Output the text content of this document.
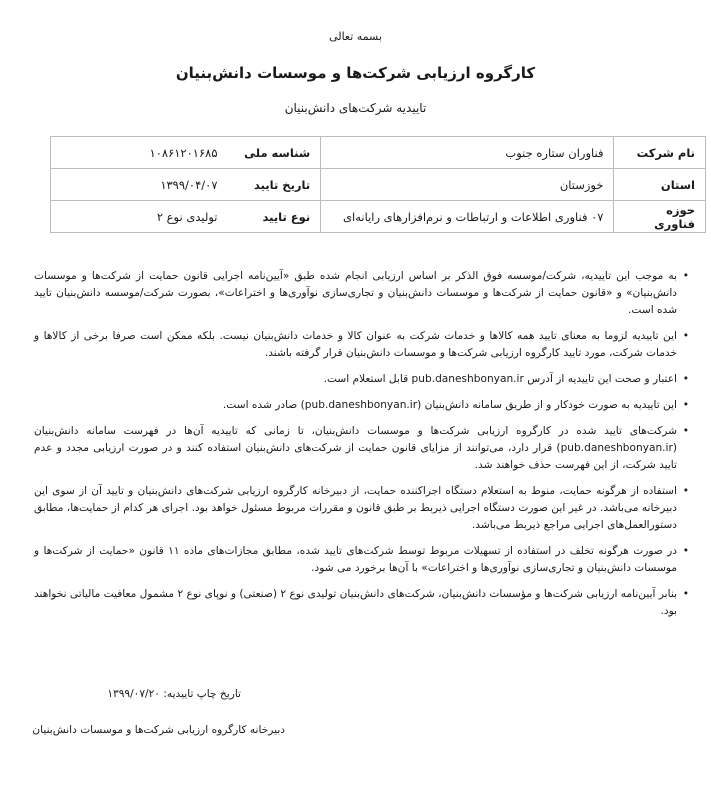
بسمه تعالی
کارگروه ارزیابی شرکت‌ها و موسسات دانش‌بنیان
تاییدیه شرکت‌های دانش‌بنیان
نام شرکت	فناوران ستاره جنوب	شناسه ملی	۱۰۸۶۱۲۰۱۶۸۵
استان	خوزستان	تاریخ تایید	۱۳۹۹/۰۴/۰۷
حوزه فناوری	۰۷ فناوری اطلاعات و ارتباطات و نرم‌افزارهای رایانه‌ای	نوع تایید	تولیدی نوع ۲
•
به موجب این تاییدیه، شرکت/موسسه فوق الذکر بر اساس ارزیابی انجام شده طبق «آیین‌نامه اجرایی قانون حمایت از شرکت‌ها و موسسات دانش‌بنیان» و «قانون حمایت از شرکت‌ها و موسسات دانش‌بنیان و تجاری‌سازی نوآوری‌ها و اختراعات»، بصورت شرکت/موسسه دانش‌بنیان تایید شده است.
•
این تاییدیه لزوما به معنای تایید همه کالاها و خدمات شرکت به عنوان کالا و خدمات دانش‌بنیان نیست. بلکه ممکن است صرفا برخی از کالاها و خدمات شرکت، مورد تایید کارگروه ارزیابی شرکت‌ها و موسسات دانش‌بنیان قرار گرفته باشند.
•
اعتبار و صحت این تاییدیه از آدرس pub.daneshbonyan.ir قابل استعلام است.
•
این تاییدیه به صورت خودکار و از طریق سامانه دانش‌بنیان (pub.daneshbonyan.ir) صادر شده است.
•
شرکت‌های تایید شده در کارگروه ارزیابی شرکت‌ها و موسسات دانش‌بنیان، تا زمانی که تاییدیه آن‌ها در فهرست سامانه دانش‌بنیان (pub.daneshbonyan.ir) قرار دارد، می‌توانند از مزایای قانون حمایت از شرکت‌های دانش‌بنیان استفاده کنند و در صورت ارزیابی مجدد و عدم تایید شرکت، از این فهرست حذف خواهند شد.
•
استفاده از هرگونه حمایت، منوط به استعلام دستگاه اجراکننده حمایت، از دبیرخانه کارگروه ارزیابی شرکت‌های دانش‌بنیان و تایید آن از سوی این دبیرخانه می‌باشد. در غیر این صورت دستگاه اجرایی ذیربط بر طبق قانون و مقررات مربوط مسئول خواهد بود. اجرای هر کدام از حمایت‌ها، مطابق دستورالعمل‌های اجرایی مراجع ذیربط می‌باشد.
•
در صورت هرگونه تخلف در استفاده از تسهیلات مربوط توسط شرکت‌های تایید شده، مطابق مجازات‌های ماده ۱۱ قانون «حمایت از شرکت‌ها و موسسات دانش‌بنیان و تجاری‌سازی نوآوری‌ها و اختراعات» با آن‌ها برخورد می‌ شود.
•
بنابر آیین‌نامه ارزیابی شرکت‌ها و مؤسسات دانش‌بنیان، شرکت‌های دانش‌بنیان تولیدی نوع ۲ (صنعتی) و نوپای نوع ۲ مشمول معافیت مالیاتی نخواهند بود.
تاریخ چاپ تاییدیه: ۱۳۹۹/۰۷/۲۰
دبیرخانه کارگروه ارزیابی شرکت‌ها و موسسات دانش‌بنیان
